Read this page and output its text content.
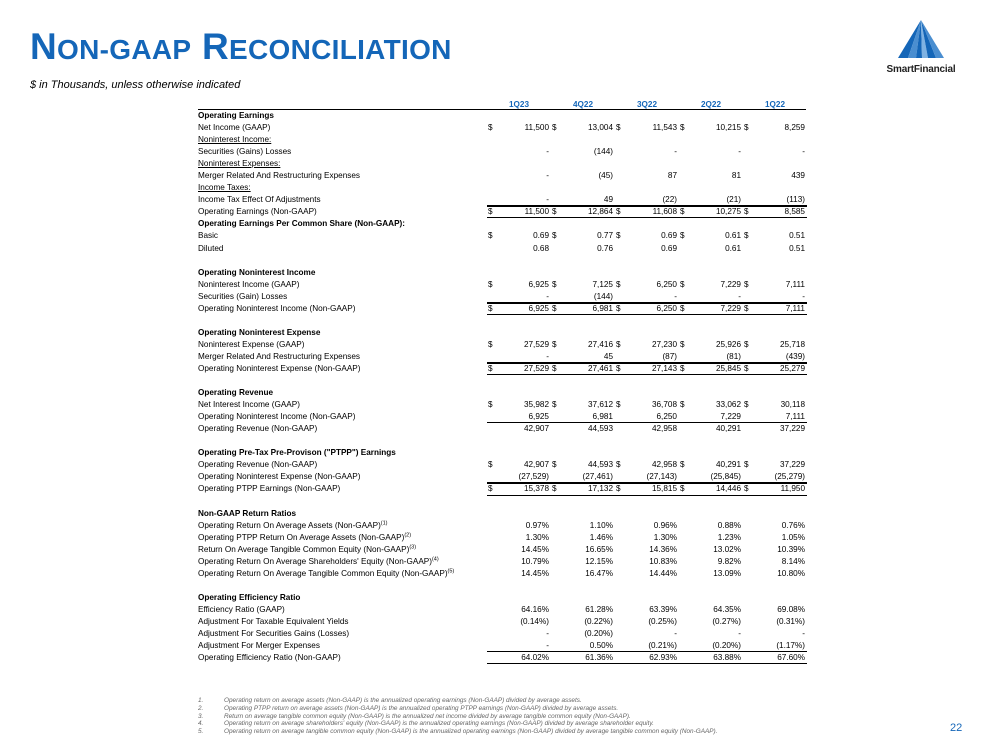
NON-GAAP RECONCILIATION

$ in Thousands, unless otherwise indicated

SmartFinancial
1Q23	4Q22	3Q22	2Q22	1Q22
Operating Earnings
Net Income (GAAP)	$	11,500 $	13,004 $	11,543 $	10,215 $	8,259
Noninterest Income:
Securities (Gains) Losses	-	(144)	-	-	-
Noninterest Expenses:
Merger Related And Restructuring Expenses	-	(45)	87	81	439
Income Taxes:
Income Tax Effect Of Adjustments	-	49	(22)	(21)	(113)
Operating Earnings (Non-GAAP)	$	11,500 $	12,864 $	11,608 $	10,275 $	8,585
Operating Earnings Per Common Share (Non-GAAP):
Basic	$	0.69 $	0.77 $	0.69 $	0.61 $	0.51
Diluted	0.68	0.76	0.69	0.61	0.51
Operating Noninterest Income
Noninterest Income (GAAP)	$	6,925 $	7,125 $	6,250 $	7,229 $	7,111
Securities (Gain) Losses	-	(144)	-	-	-
Operating Noninterest Income (Non-GAAP)	$	6,925 $	6,981 $	6,250 $	7,229 $	7,111
Operating Noninterest Expense
Noninterest Expense (GAAP)	$	27,529 $	27,416 $	27,230 $	25,926 $	25,718
Merger Related And Restructuring Expenses	-	45	(87)	(81)	(439)
Operating Noninterest Expense (Non-GAAP)	$	27,529 $	27,461 $	27,143 $	25,845 $	25,279
Operating Revenue
Net Interest Income (GAAP)	$	35,982 $	37,612 $	36,708 $	33,062 $	30,118
Operating Noninterest Income (Non-GAAP)	6,925	6,981	6,250	7,229	7,111
Operating Revenue (Non-GAAP)	42,907	44,593	42,958	40,291	37,229
Operating Pre-Tax Pre-Provison ("PTPP") Earnings
Operating Revenue (Non-GAAP)	$	42,907 $	44,593 $	42,958 $	40,291 $	37,229
Operating Noninterest Expense (Non-GAAP)	(27,529)	(27,461)	(27,143)	(25,845)	(25,279)
Operating PTPP Earnings (Non-GAAP)	$	15,378 $	17,132 $	15,815 $	14,446 $	11,950
Non-GAAP Return Ratios
Operating Return On Average Assets (Non-GAAP)$^{(1)}$	0.97%	1.10%	0.96%	0.88%	0.76%
Operating PTPP Return On Average Assets (Non-GAAP)$^{(2)}$	1.30%	1.46%	1.30%	1.23%	1.05%
Return On Average Tangible Common Equity (Non-GAAP)$^{(3)}$	14.45%	16.65%	14.36%	13.02%	10.39%
Operating Return On Average Shareholders' Equity (Non-GAAP)$^{(4)}$	10.79%	12.15%	10.83%	9.82%	8.14%
Operating Return On Average Tangible Common Equity (Non-GAAP)$^{(5)}$	14.45%	16.47%	14.44%	13.09%	10.80%
Operating Efficiency Ratio
Efficiency Ratio (GAAP)	64.16%	61.28%	63.39%	64.35%	69.08%
Adjustment For Taxable Equivalent Yields	(0.14%)	(0.22%)	(0.25%)	(0.27%)	(0.31%)
Adjustment For Securities Gains (Losses)	-	(0.20%)	-	-	-
Adjustment For Merger Expenses	-	0.50%	(0.21%)	(0.20%)	(1.17%)
Operating Efficiency Ratio (Non-GAAP)	64.02%	61.36%	62.93%	63.88%	67.60%
1.	Operating return on average assets (Non-GAAP) is the annualized operating earnings (Non-GAAP) divided by average assets.
2.	Operating PTPP return on average assets (Non-GAAP) is the annualized operating PTPP earnings (Non-GAAP) divided by average assets.
3.	Return on average tangible common equity (Non-GAAP) is the annualized net income divided by average tangible common equity (Non-GAAP).
4.	Operating return on average shareholders' equity (Non-GAAP) is the annualized operating earnings (Non-GAAP) divided by average shareholder equity.
5.	Operating return on average tangible common equity (Non-GAAP) is the annualized operating earnings (Non-GAAP) divided by average tangible common equity (Non-GAAP).	22
